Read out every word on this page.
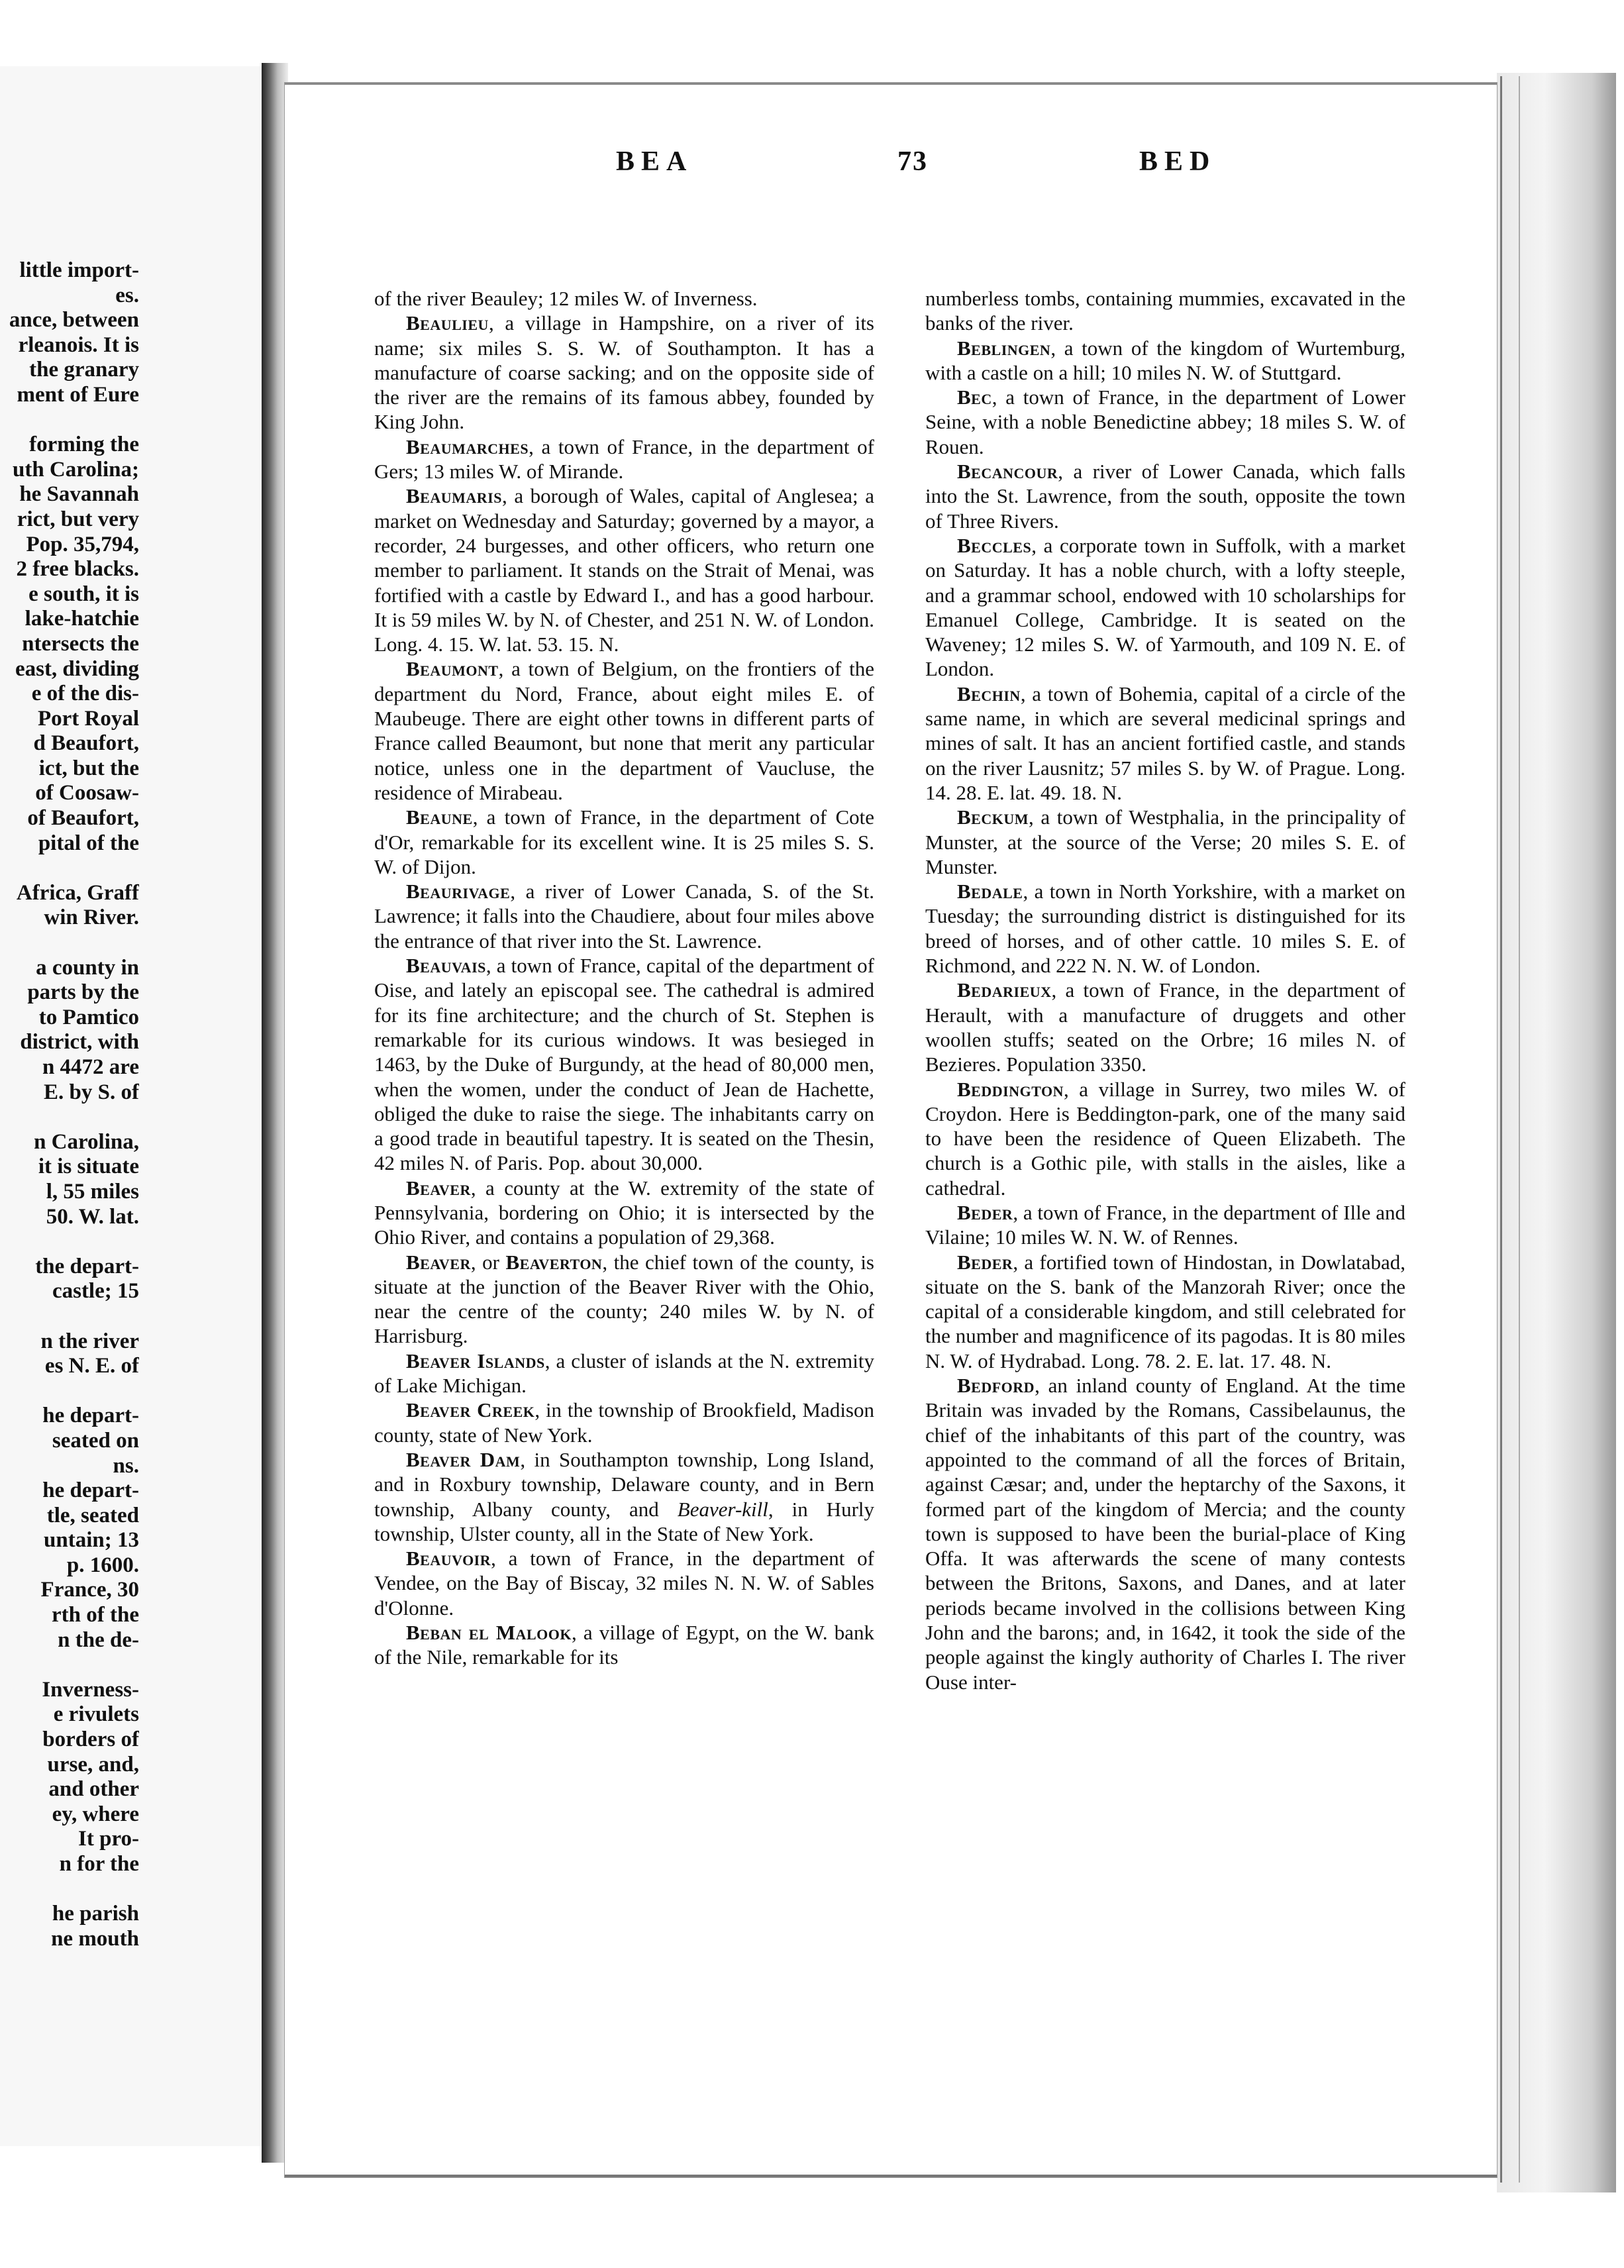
little import-
es.
ance, between
rleanois. It is
the granary
ment of Eure
forming the
uth Carolina;
he Savannah
rict, but very
Pop. 35,794,
2 free blacks.
e south, it is
lake-hatchie
ntersects the
east, dividing
e of the dis-
Port Royal
d Beaufort,
ict, but the
of Coosaw-
of Beaufort,
pital of the
Africa, Graff
win River.
a county in
parts by the
to Pamtico
district, with
n 4472 are
E. by S. of
n Carolina,
it is situate
l, 55 miles
50. W. lat.
the depart-
castle; 15
n the river
es N. E. of
he depart-
seated on
ns.
he depart-
tle, seated
untain; 13
p. 1600.
France, 30
rth of the
n the de-
Inverness-
e rivulets
borders of
urse, and,
and other
ey, where
It pro-
n for the
he parish
ne mouth
BEA	73	BED

of the river Beauley; 12 miles W. of Inverness.

Beaulieu, a village in Hampshire, on a river of its name; six miles S. S. W. of Southampton. It has a manufacture of coarse sacking; and on the opposite side of the river are the remains of its famous abbey, founded by King John.

Beaumarches, a town of France, in the department of Gers; 13 miles W. of Mirande.

Beaumaris, a borough of Wales, capital of Anglesea; a market on Wednesday and Saturday; governed by a mayor, a recorder, 24 burgesses, and other officers, who return one member to parliament. It stands on the Strait of Menai, was fortified with a castle by Edward I., and has a good harbour. It is 59 miles W. by N. of Chester, and 251 N. W. of London. Long. 4. 15. W. lat. 53. 15. N.

Beaumont, a town of Belgium, on the frontiers of the department du Nord, France, about eight miles E. of Maubeuge. There are eight other towns in different parts of France called Beaumont, but none that merit any particular notice, unless one in the department of Vaucluse, the residence of Mirabeau.

Beaune, a town of France, in the department of Cote d'Or, remarkable for its excellent wine. It is 25 miles S. S. W. of Dijon.

Beaurivage, a river of Lower Canada, S. of the St. Lawrence; it falls into the Chaudiere, about four miles above the entrance of that river into the St. Lawrence.

Beauvais, a town of France, capital of the department of Oise, and lately an episcopal see. The cathedral is admired for its fine architecture; and the church of St. Stephen is remarkable for its curious windows. It was besieged in 1463, by the Duke of Burgundy, at the head of 80,000 men, when the women, under the conduct of Jean de Hachette, obliged the duke to raise the siege. The inhabitants carry on a good trade in beautiful tapestry. It is seated on the Thesin, 42 miles N. of Paris. Pop. about 30,000.

Beaver, a county at the W. extremity of the state of Pennsylvania, bordering on Ohio; it is intersected by the Ohio River, and contains a population of 29,368.

Beaver, or Beaverton, the chief town of the county, is situate at the junction of the Beaver River with the Ohio, near the centre of the county; 240 miles W. by N. of Harrisburg.

Beaver Islands, a cluster of islands at the N. extremity of Lake Michigan.

Beaver Creek, in the township of Brookfield, Madison county, state of New York.

Beaver Dam, in Southampton township, Long Island, and in Roxbury township, Delaware county, and in Bern township, Albany county, and Beaver-kill, in Hurly township, Ulster county, all in the State of New York.

Beauvoir, a town of France, in the department of Vendee, on the Bay of Biscay, 32 miles N. N. W. of Sables d'Olonne.

Beban el Malook, a village of Egypt, on the W. bank of the Nile, remarkable for its

numberless tombs, containing mummies, excavated in the banks of the river.

Beblingen, a town of the kingdom of Wurtemburg, with a castle on a hill; 10 miles N. W. of Stuttgard.

Bec, a town of France, in the department of Lower Seine, with a noble Benedictine abbey; 18 miles S. W. of Rouen.

Becancour, a river of Lower Canada, which falls into the St. Lawrence, from the south, opposite the town of Three Rivers.

Beccles, a corporate town in Suffolk, with a market on Saturday. It has a noble church, with a lofty steeple, and a grammar school, endowed with 10 scholarships for Emanuel College, Cambridge. It is seated on the Waveney; 12 miles S. W. of Yarmouth, and 109 N. E. of London.

Bechin, a town of Bohemia, capital of a circle of the same name, in which are several medicinal springs and mines of salt. It has an ancient fortified castle, and stands on the river Lausnitz; 57 miles S. by W. of Prague. Long. 14. 28. E. lat. 49. 18. N.

Beckum, a town of Westphalia, in the principality of Munster, at the source of the Verse; 20 miles S. E. of Munster.

Bedale, a town in North Yorkshire, with a market on Tuesday; the surrounding district is distinguished for its breed of horses, and of other cattle. 10 miles S. E. of Richmond, and 222 N. N. W. of London.

Bedarieux, a town of France, in the department of Herault, with a manufacture of druggets and other woollen stuffs; seated on the Orbre; 16 miles N. of Bezieres. Population 3350.

Beddington, a village in Surrey, two miles W. of Croydon. Here is Beddington-park, one of the many said to have been the residence of Queen Elizabeth. The church is a Gothic pile, with stalls in the aisles, like a cathedral.

Beder, a town of France, in the department of Ille and Vilaine; 10 miles W. N. W. of Rennes.

Beder, a fortified town of Hindostan, in Dowlatabad, situate on the S. bank of the Manzorah River; once the capital of a considerable kingdom, and still celebrated for the number and magnificence of its pagodas. It is 80 miles N. W. of Hydrabad. Long. 78. 2. E. lat. 17. 48. N.

Bedford, an inland county of England. At the time Britain was invaded by the Romans, Cassibelaunus, the chief of the inhabitants of this part of the country, was appointed to the command of all the forces of Britain, against Cæsar; and, under the heptarchy of the Saxons, it formed part of the kingdom of Mercia; and the county town is supposed to have been the burial-place of King Offa. It was afterwards the scene of many contests between the Britons, Saxons, and Danes, and at later periods became involved in the collisions between King John and the barons; and, in 1642, it took the side of the people against the kingly authority of Charles I. The river Ouse inter-
